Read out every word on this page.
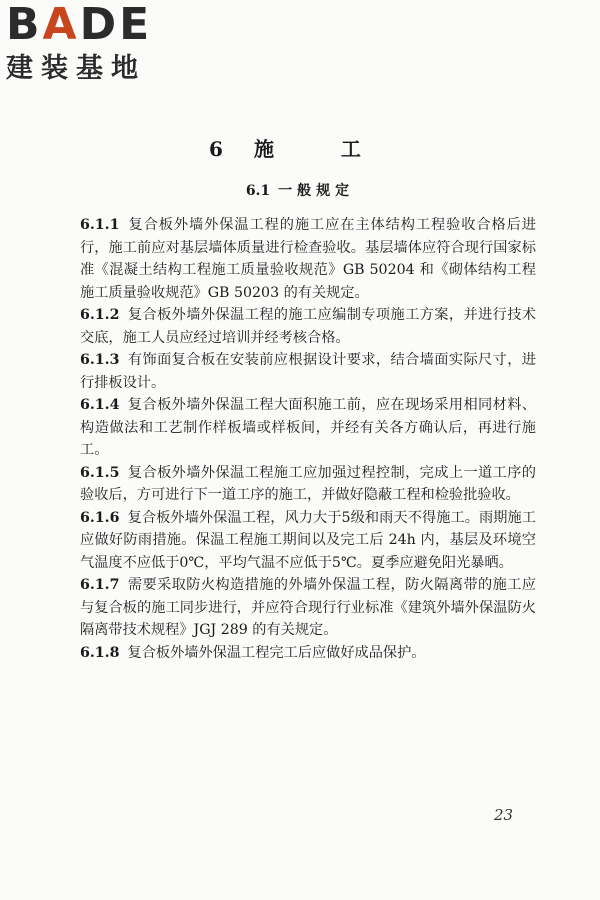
BADE
建装基地
6 施 工
6.1 一般规定

6.1.1 复合板外墙外保温工程的施工应在主体结构工程验收合格后进行，施工前应对基层墙体质量进行检查验收。基层墙体应符合现行国家标准《混凝土结构工程施工质量验收规范》GB 50204 和《砌体结构工程施工质量验收规范》GB 50203 的有关规定。

6.1.2 复合板外墙外保温工程的施工应编制专项施工方案，并进行技术交底，施工人员应经过培训并经考核合格。

6.1.3 有饰面复合板在安装前应根据设计要求，结合墙面实际尺寸，进行排板设计。

6.1.4 复合板外墙外保温工程大面积施工前，应在现场采用相同材料、构造做法和工艺制作样板墙或样板间，并经有关各方确认后，再进行施工。

6.1.5 复合板外墙外保温工程施工应加强过程控制，完成上一道工序的验收后，方可进行下一道工序的施工，并做好隐蔽工程和检验批验收。

6.1.6 复合板外墙外保温工程，风力大于5级和雨天不得施工。雨期施工应做好防雨措施。保温工程施工期间以及完工后 24h 内，基层及环境空气温度不应低于0℃，平均气温不应低于5℃。夏季应避免阳光暴晒。

6.1.7 需要采取防火构造措施的外墙外保温工程，防火隔离带的施工应与复合板的施工同步进行，并应符合现行行业标准《建筑外墙外保温防火隔离带技术规程》JGJ 289 的有关规定。

6.1.8 复合板外墙外保温工程完工后应做好成品保护。

23
